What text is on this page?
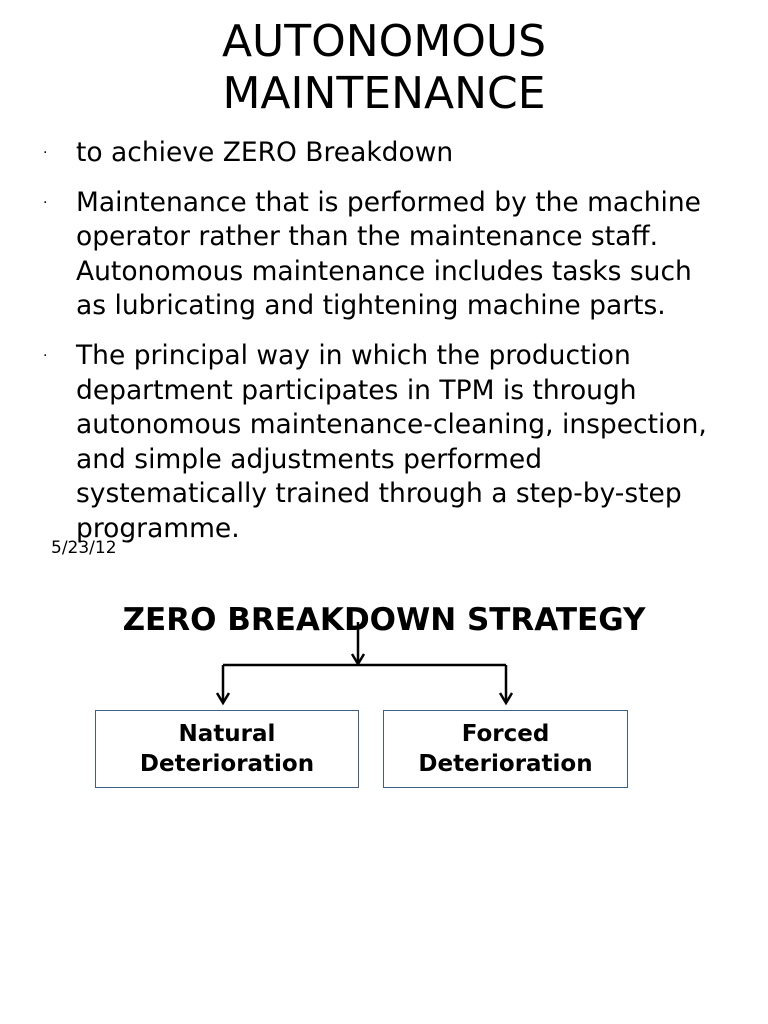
AUTONOMOUS
MAINTENANCE
· to achieve ZERO Breakdown
· Maintenance that is performed by the machine operator rather than the maintenance staff. Autonomous maintenance includes tasks such as lubricating and tightening machine parts.
· The principal way in which the production department participates in TPM is through autonomous maintenance-cleaning, inspection, and simple adjustments performed systematically trained through a step-by-step programme.
5/23/12
ZERO BREAKDOWN STRATEGY
Natural
Deterioration
Forced
Deterioration
